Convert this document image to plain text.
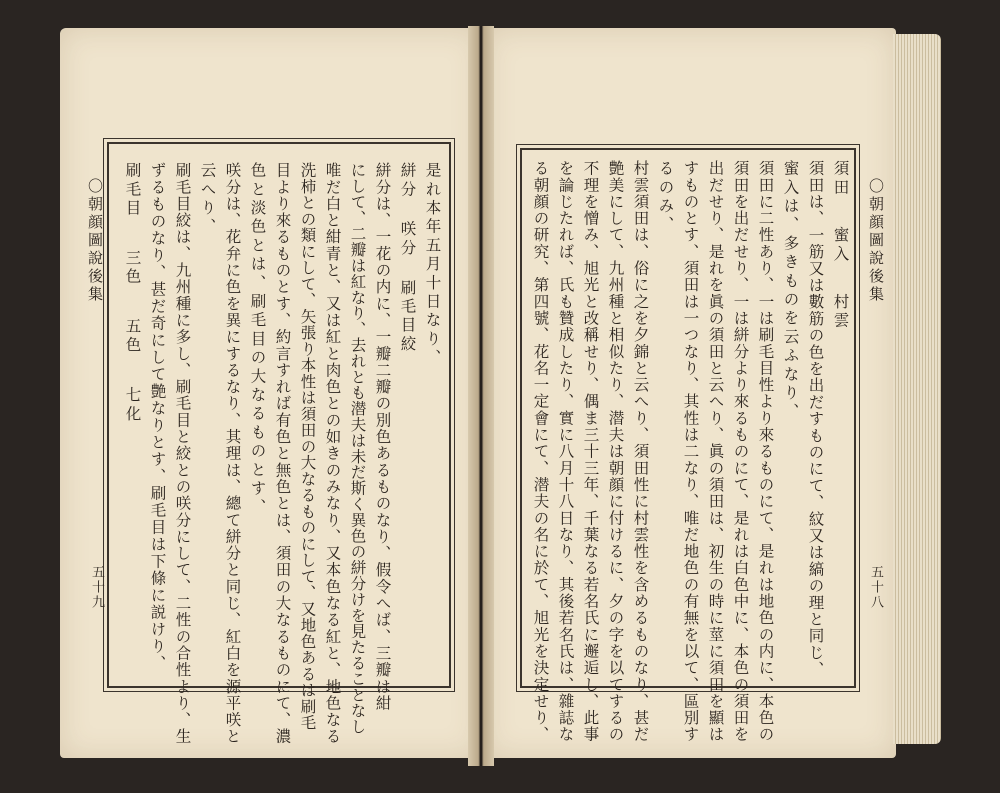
〇朝顔圖說後集
五十九
是れ本年五月十日なり、
絣分 咲分 刷毛目絞
絣分は、一花の内に、一瓣二瓣の別色あるものなり、假令へば、三瓣は紺
にして、二瓣は紅なり、去れとも潜夫は未だ斯く異色の絣分けを見たることなし
唯だ白と紺青と、又は紅と肉色との如きのみなり、又本色なる紅と、地色なる
洗柿との類にして、矢張り本性は須田の大なるものにして、又地色あるは刷毛
目より來るものとす、約言すれば有色と無色とは、須田の大なるものにて、濃
色と淡色とは、刷毛目の大なるものとす、
咲分は、花弁に色を異にするなり、其理は、總て絣分と同じ、紅白を源平咲と
云へり、
刷毛目絞は、九州種に多し、刷毛目と絞との咲分にして、二性の合性より、生
ずるものなり、甚だ奇にして艶なりとす、刷毛目は下條に説けり、
刷毛目 三色 五色 七化	〇朝顔圖說後集
五十八
須田 蜜入 村雲
須田は、一筋又は數筋の色を出だすものにて、紋又は縞の理と同じ、
蜜入は、多きものを云ふなり、
須田に二性あり、一は刷毛目性より來るものにて、是れは地色の内に、本色の
須田を出だせり、一は絣分より來るものにて、是れは白色中に、本色の須田を
出だせり、是れを眞の須田と云へり、眞の須田は、初生の時に莖に須田を顯は
すものとす、須田は一つなり、其性は二なり、唯だ地色の有無を以て、區別す
るのみ、
村雲須田は、俗に之を夕錦と云へり、須田性に村雲性を含めるものなり、甚だ
艶美にして、九州種と相似たり、潜夫は朝顔に付けるに、夕の字を以てするの
不理を憎み、旭光と改稱せり、偶ま三十三年、千葉なる若名氏に邂逅し、此事
を論じたれば、氏も贊成したり、實に八月十八日なり、其後若名氏は、雜誌な
る朝顔の研究、第四號、花名一定會にて、潜夫の名に於て、旭光を決定せり、
